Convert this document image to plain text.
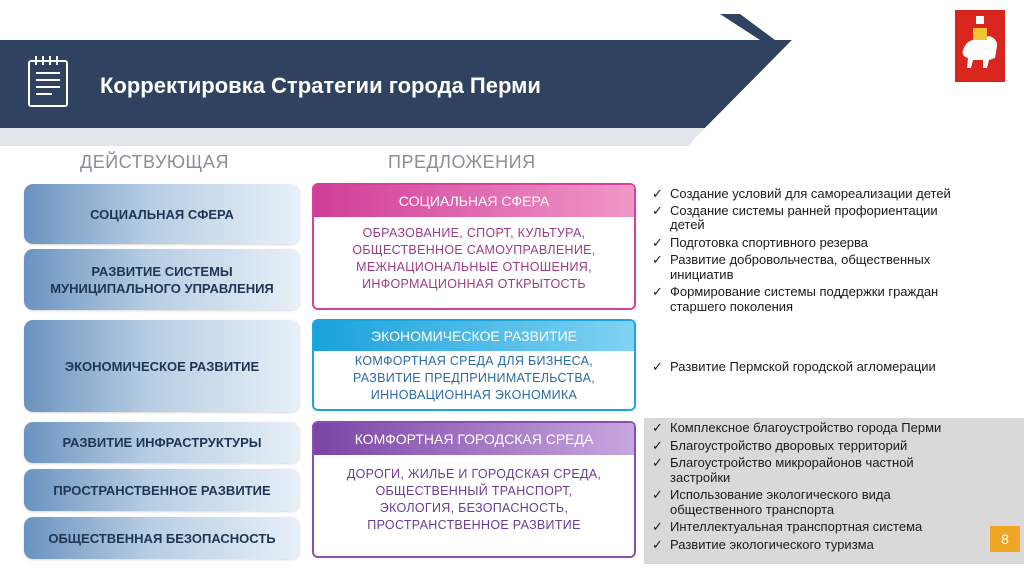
Корректировка Стратегии города Перми
ДЕЙСТВУЮЩАЯ	ПРЕДЛОЖЕНИЯ
СОЦИАЛЬНАЯ СФЕРА
РАЗВИТИЕ СИСТЕМЫ МУНИЦИПАЛЬНОГО УПРАВЛЕНИЯ
ЭКОНОМИЧЕСКОЕ РАЗВИТИЕ
РАЗВИТИЕ ИНФРАСТРУКТУРЫ
ПРОСТРАНСТВЕННОЕ РАЗВИТИЕ
ОБЩЕСТВЕННАЯ БЕЗОПАСНОСТЬ
СОЦИАЛЬНАЯ СФЕРА
ОБРАЗОВАНИЕ, СПОРТ, КУЛЬТУРА,
ОБЩЕСТВЕННОЕ САМОУПРАВЛЕНИЕ,
МЕЖНАЦИОНАЛЬНЫЕ ОТНОШЕНИЯ,
ИНФОРМАЦИОННАЯ ОТКРЫТОСТЬ
ЭКОНОМИЧЕСКОЕ РАЗВИТИЕ
КОМФОРТНАЯ СРЕДА ДЛЯ БИЗНЕСА,
РАЗВИТИЕ ПРЕДПРИНИМАТЕЛЬСТВА,
ИННОВАЦИОННАЯ ЭКОНОМИКА
КОМФОРТНАЯ ГОРОДСКАЯ СРЕДА
ДОРОГИ, ЖИЛЬЕ И ГОРОДСКАЯ СРЕДА,
ОБЩЕСТВЕННЫЙ ТРАНСПОРТ,
ЭКОЛОГИЯ, БЕЗОПАСНОСТЬ,
ПРОСТРАНСТВЕННОЕ РАЗВИТИЕ
✓ Создание условий для самореализации детей
✓ Создание системы ранней профориентации
детей
✓ Подготовка спортивного резерва
✓ Развитие добровольчества, общественных
инициатив
✓ Формирование системы поддержки граждан
старшего поколения
✓ Развитие Пермской городской агломерации
✓ Комплексное благоустройство города Перми
✓ Благоустройство дворовых территорий
✓ Благоустройство микрорайонов частной
застройки
✓ Использование экологического вида
общественного транспорта
✓ Интеллектуальная транспортная система
✓ Развитие экологического туризма	8
